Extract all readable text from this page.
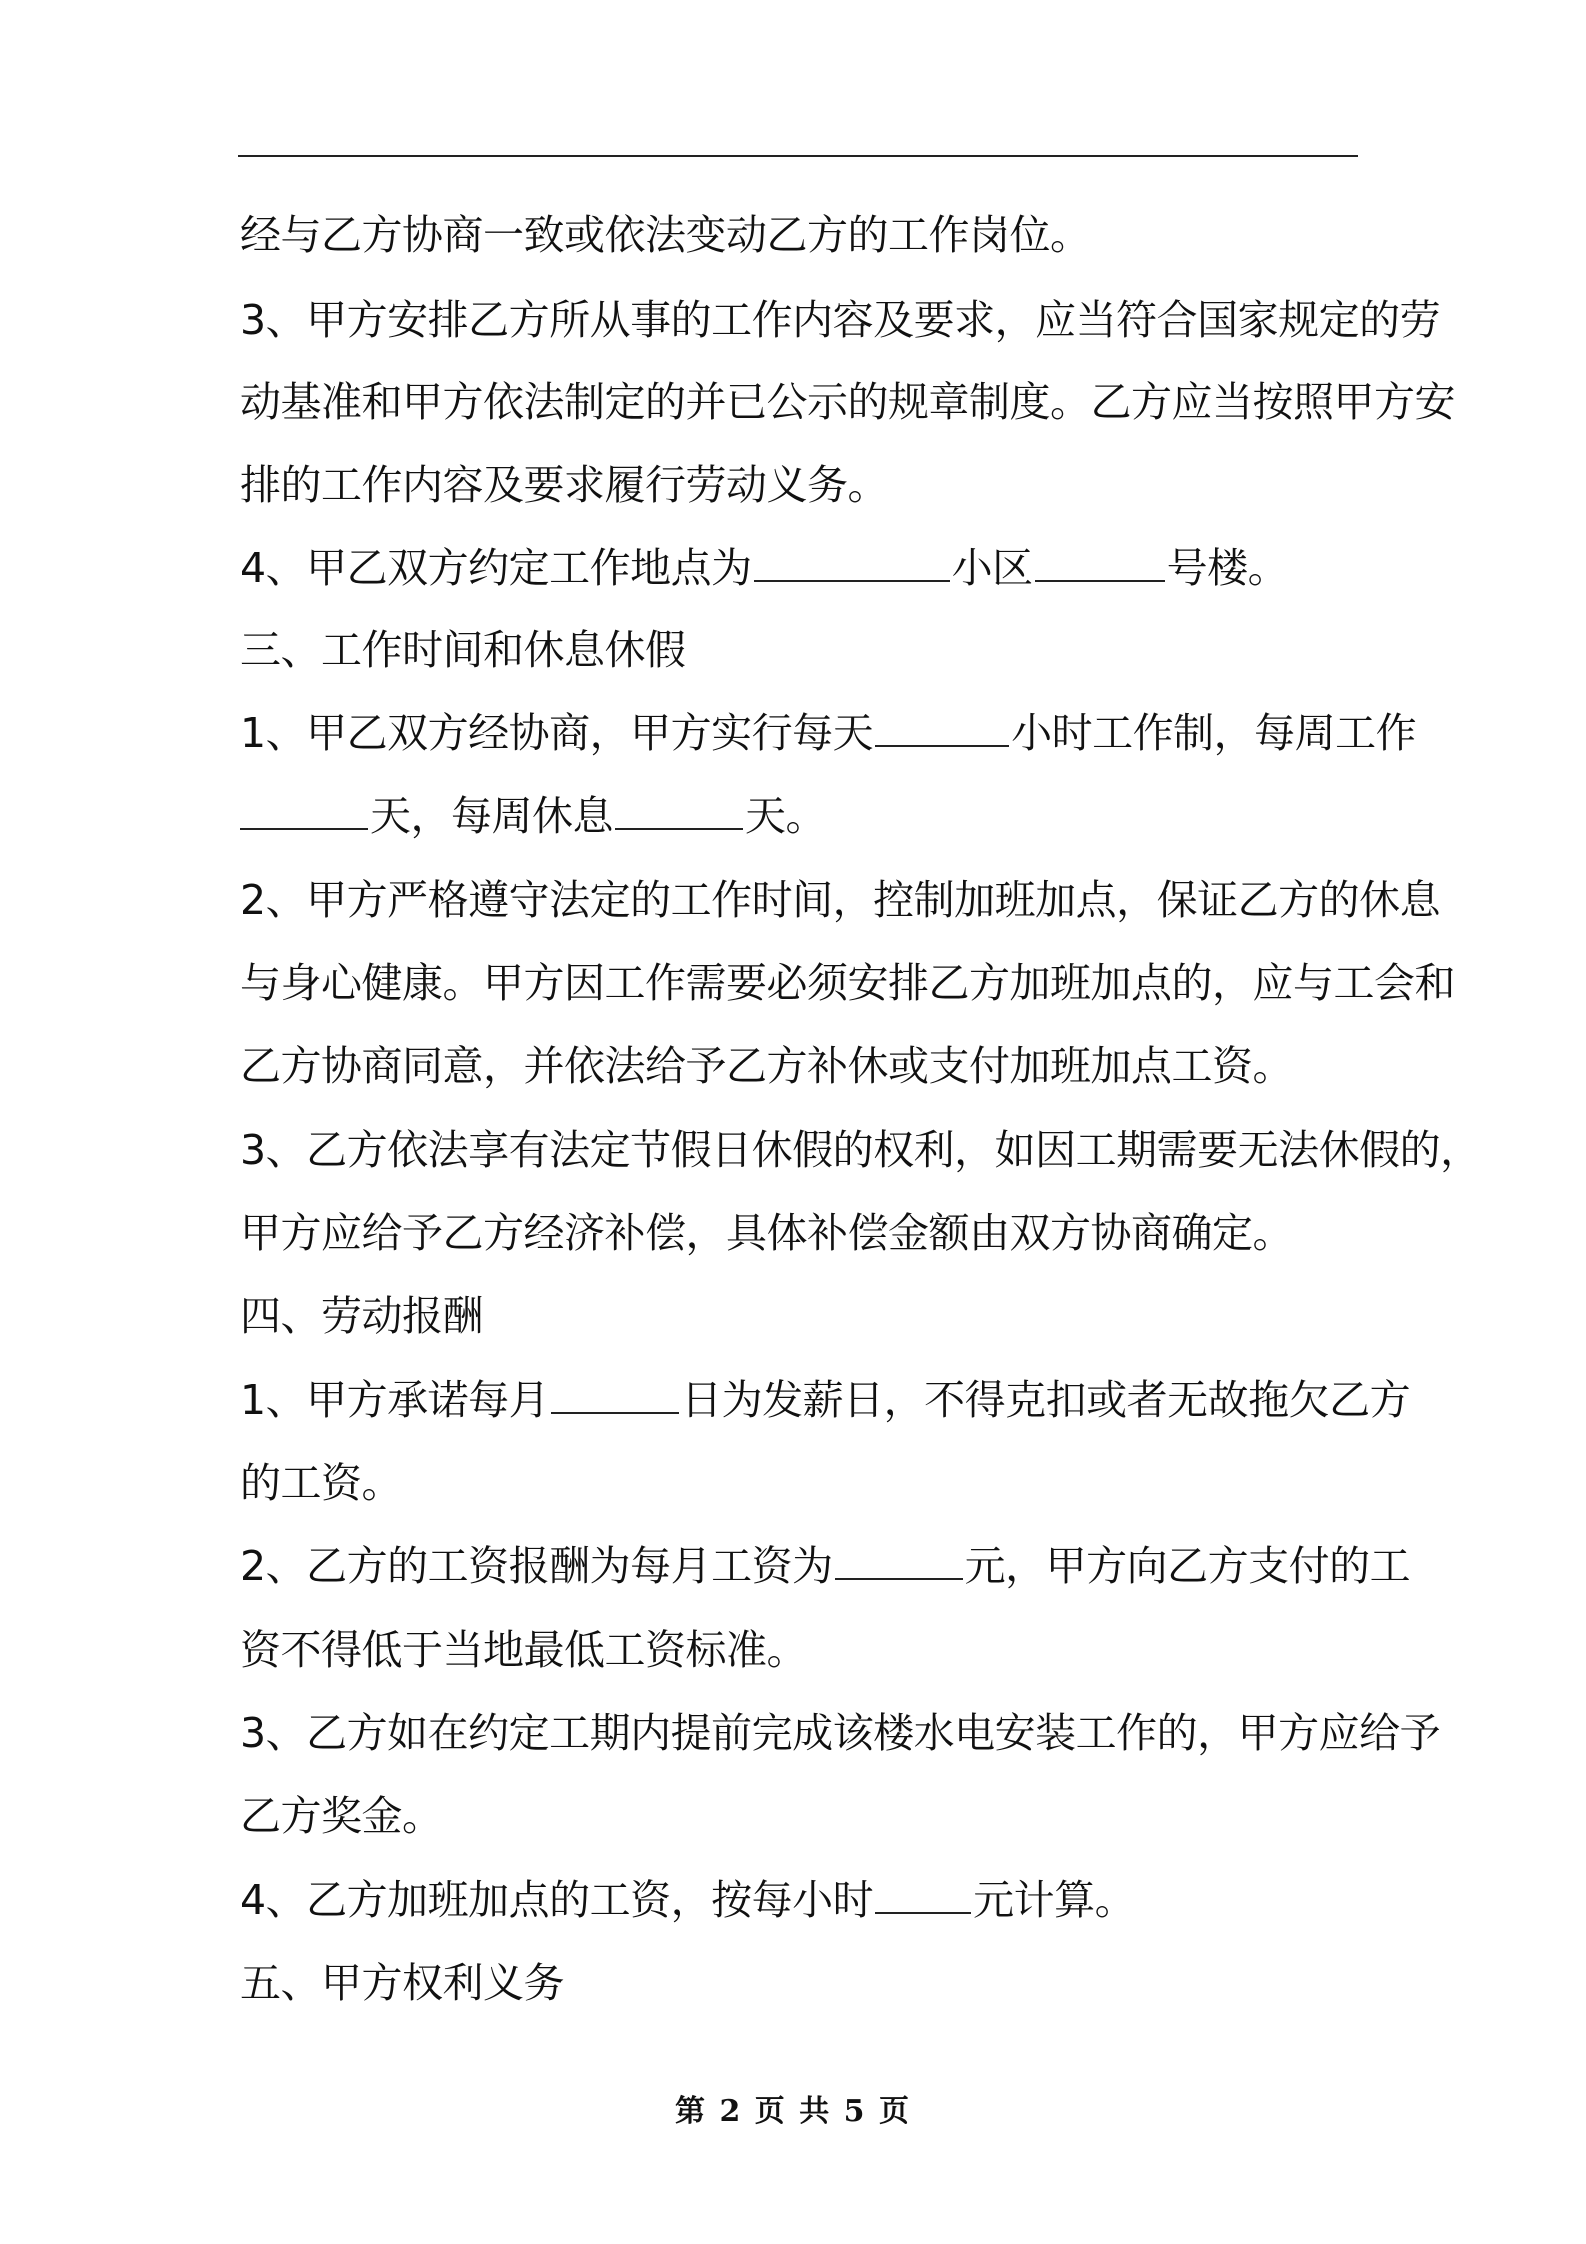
经与乙方协商一致或依法变动乙方的工作岗位。
3、甲方安排乙方所从事的工作内容及要求，应当符合国家规定的劳
动基准和甲方依法制定的并已公示的规章制度。乙方应当按照甲方安
排的工作内容及要求履行劳动义务。
4、甲乙双方约定工作地点为	小区	号楼。
三、工作时间和休息休假
1、甲乙双方经协商，甲方实行每天	小时工作制，每周工作
天，每周休息	天。
2、甲方严格遵守法定的工作时间，控制加班加点，保证乙方的休息
与身心健康。甲方因工作需要必须安排乙方加班加点的，应与工会和
乙方协商同意，并依法给予乙方补休或支付加班加点工资。
3、乙方依法享有法定节假日休假的权利，如因工期需要无法休假的，
甲方应给予乙方经济补偿，具体补偿金额由双方协商确定。
四、劳动报酬
1、甲方承诺每月	日为发薪日，不得克扣或者无故拖欠乙方
的工资。
2、乙方的工资报酬为每月工资为	元，甲方向乙方支付的工
资不得低于当地最低工资标准。
3、乙方如在约定工期内提前完成该楼水电安装工作的，甲方应给予
乙方奖金。
4、乙方加班加点的工资，按每小时 元计算。
五、甲方权利义务
第 2 页 共 5 页
